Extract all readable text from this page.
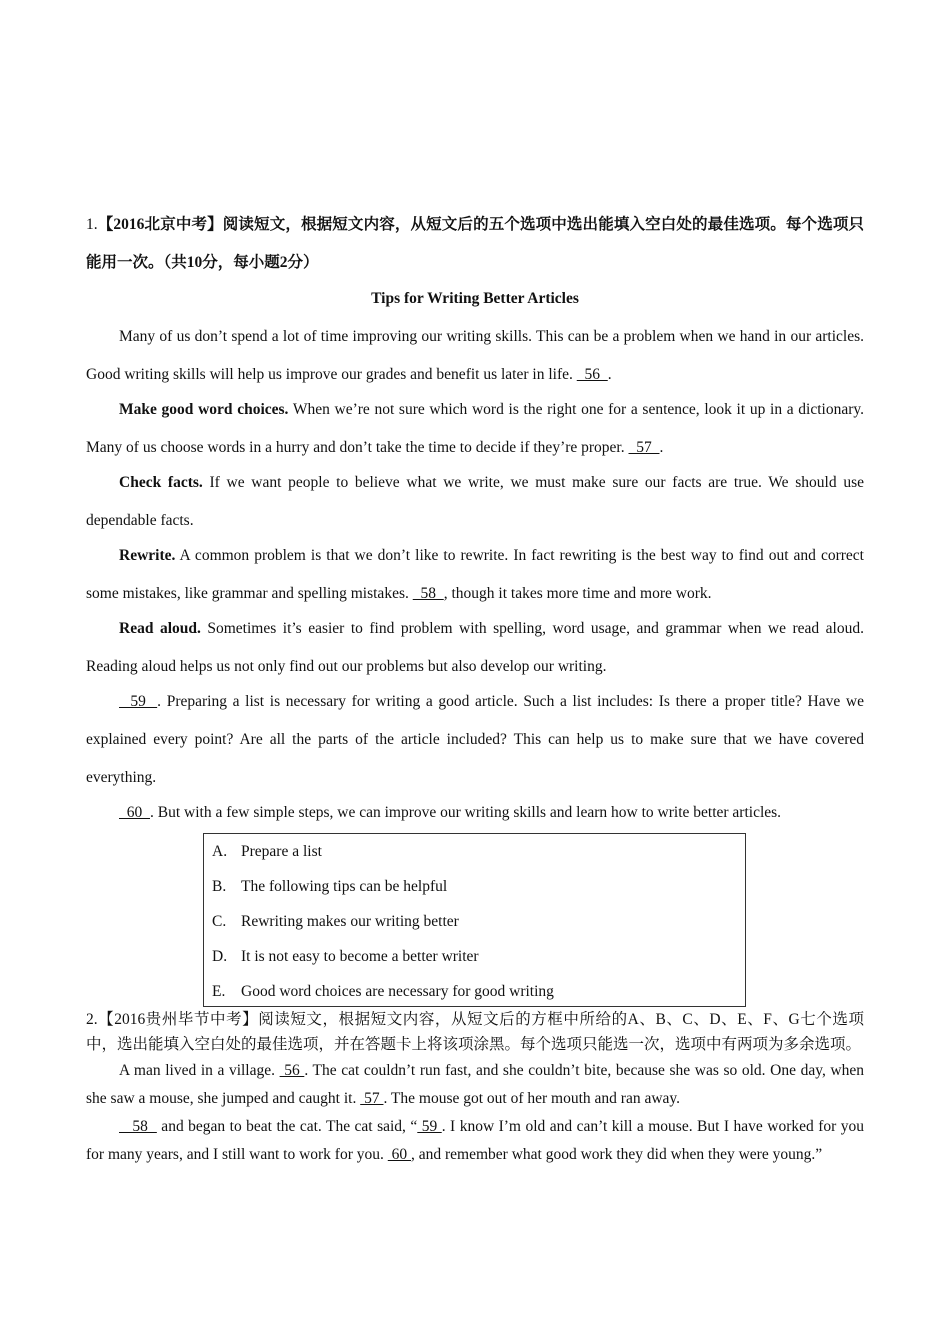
1.【2016北京中考】阅读短文，根据短文内容，从短文后的五个选项中选出能填入空白处的最佳选项。每个选项只能用一次。（共10分，每小题2分）

Tips for Writing Better Articles

Many of us don’t spend a lot of time improving our writing skills. This can be a problem when we hand in our articles. Good writing skills will help us improve our grades and benefit us later in life.   56  .

Make good word choices. When we’re not sure which word is the right one for a sentence, look it up in a dictionary. Many of us choose words in a hurry and don’t take the time to decide if they’re proper.   57  .

Check facts. If we want people to believe what we write, we must make sure our facts are true. We should use dependable facts.

Rewrite. A common problem is that we don’t like to rewrite. In fact rewriting is the best way to find out and correct some mistakes, like grammar and spelling mistakes.   58  , though it takes more time and more work.

Read aloud. Sometimes it’s easier to find problem with spelling, word usage, and grammar when we read aloud. Reading aloud helps us not only find out our problems but also develop our writing.

59  . Preparing a list is necessary for writing a good article. Such a list includes: Is there a proper title? Have we explained every point? Are all the parts of the article included? This can help us to make sure that we have covered everything.

60  . But with a few simple steps, we can improve our writing skills and learn how to write better articles.

A. Prepare a list
B. The following tips can be helpful
C. Rewriting makes our writing better
D. It is not easy to become a better writer
E.	Good word choices are necessary for good writing

2.【2016贵州毕节中考】阅读短文，根据短文内容，从短文后的方框中所给的A、B、C、D、E、F、G七个选项中，选出能填入空白处的最佳选项，并在答题卡上将该项涂黑。每个选项只能选一次，选项中有两项为多余选项。

A man lived in a village.  56 . The cat couldn’t run fast, and she couldn’t bite, because she was so old. One day, when she saw a mouse, she jumped and caught it.  57 . The mouse got out of her mouth and ran away.

58   and began to beat the cat. The cat said, “ 59 . I know I’m old and can’t kill a mouse. But I have worked for you for many years, and I still want to work for you.  60 , and remember what good work they did when they were young.”
